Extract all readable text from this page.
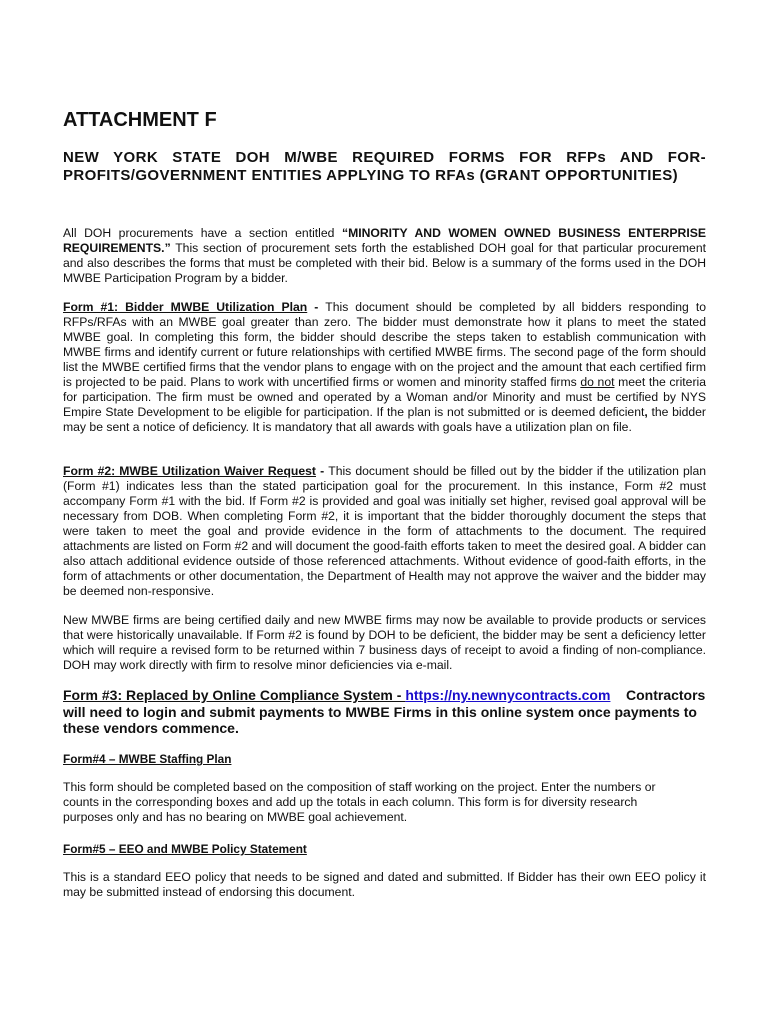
ATTACHMENT F
NEW YORK STATE DOH M/WBE REQUIRED FORMS FOR RFPs AND FOR-PROFITS/GOVERNMENT ENTITIES APPLYING TO RFAs (GRANT OPPORTUNITIES)

All DOH procurements have a section entitled “MINORITY AND WOMEN OWNED BUSINESS ENTERPRISE REQUIREMENTS.” This section of procurement sets forth the established DOH goal for that particular procurement and also describes the forms that must be completed with their bid. Below is a summary of the forms used in the DOH MWBE Participation Program by a bidder.

Form #1: Bidder MWBE Utilization Plan - This document should be completed by all bidders responding to RFPs/RFAs with an MWBE goal greater than zero. The bidder must demonstrate how it plans to meet the stated MWBE goal. In completing this form, the bidder should describe the steps taken to establish communication with MWBE firms and identify current or future relationships with certified MWBE firms. The second page of the form should list the MWBE certified firms that the vendor plans to engage with on the project and the amount that each certified firm is projected to be paid. Plans to work with uncertified firms or women and minority staffed firms do not meet the criteria for participation. The firm must be owned and operated by a Woman and/or Minority and must be certified by NYS Empire State Development to be eligible for participation. If the plan is not submitted or is deemed deficient, the bidder may be sent a notice of deficiency. It is mandatory that all awards with goals have a utilization plan on file.

Form #2: MWBE Utilization Waiver Request - This document should be filled out by the bidder if the utilization plan (Form #1) indicates less than the stated participation goal for the procurement. In this instance, Form #2 must accompany Form #1 with the bid. If Form #2 is provided and goal was initially set higher, revised goal approval will be necessary from DOB. When completing Form #2, it is important that the bidder thoroughly document the steps that were taken to meet the goal and provide evidence in the form of attachments to the document. The required attachments are listed on Form #2 and will document the good-faith efforts taken to meet the desired goal. A bidder can also attach additional evidence outside of those referenced attachments. Without evidence of good-faith efforts, in the form of attachments or other documentation, the Department of Health may not approve the waiver and the bidder may be deemed non-responsive.

New MWBE firms are being certified daily and new MWBE firms may now be available to provide products or services that were historically unavailable. If Form #2 is found by DOH to be deficient, the bidder may be sent a deficiency letter which will require a revised form to be returned within 7 business days of receipt to avoid a finding of non-compliance. DOH may work directly with firm to resolve minor deficiencies via e-mail.

Form #3: Replaced by Online Compliance System - https://ny.newnycontracts.com    Contractors will need to login and submit payments to MWBE Firms in this online system once payments to these vendors commence.

Form#4 – MWBE Staffing Plan

This form should be completed based on the composition of staff working on the project. Enter the numbers or counts in the corresponding boxes and add up the totals in each column. This form is for diversity research purposes only and has no bearing on MWBE goal achievement.

Form#5 – EEO and MWBE Policy Statement

This is a standard EEO policy that needs to be signed and dated and submitted. If Bidder has their own EEO policy it may be submitted instead of endorsing this document.
